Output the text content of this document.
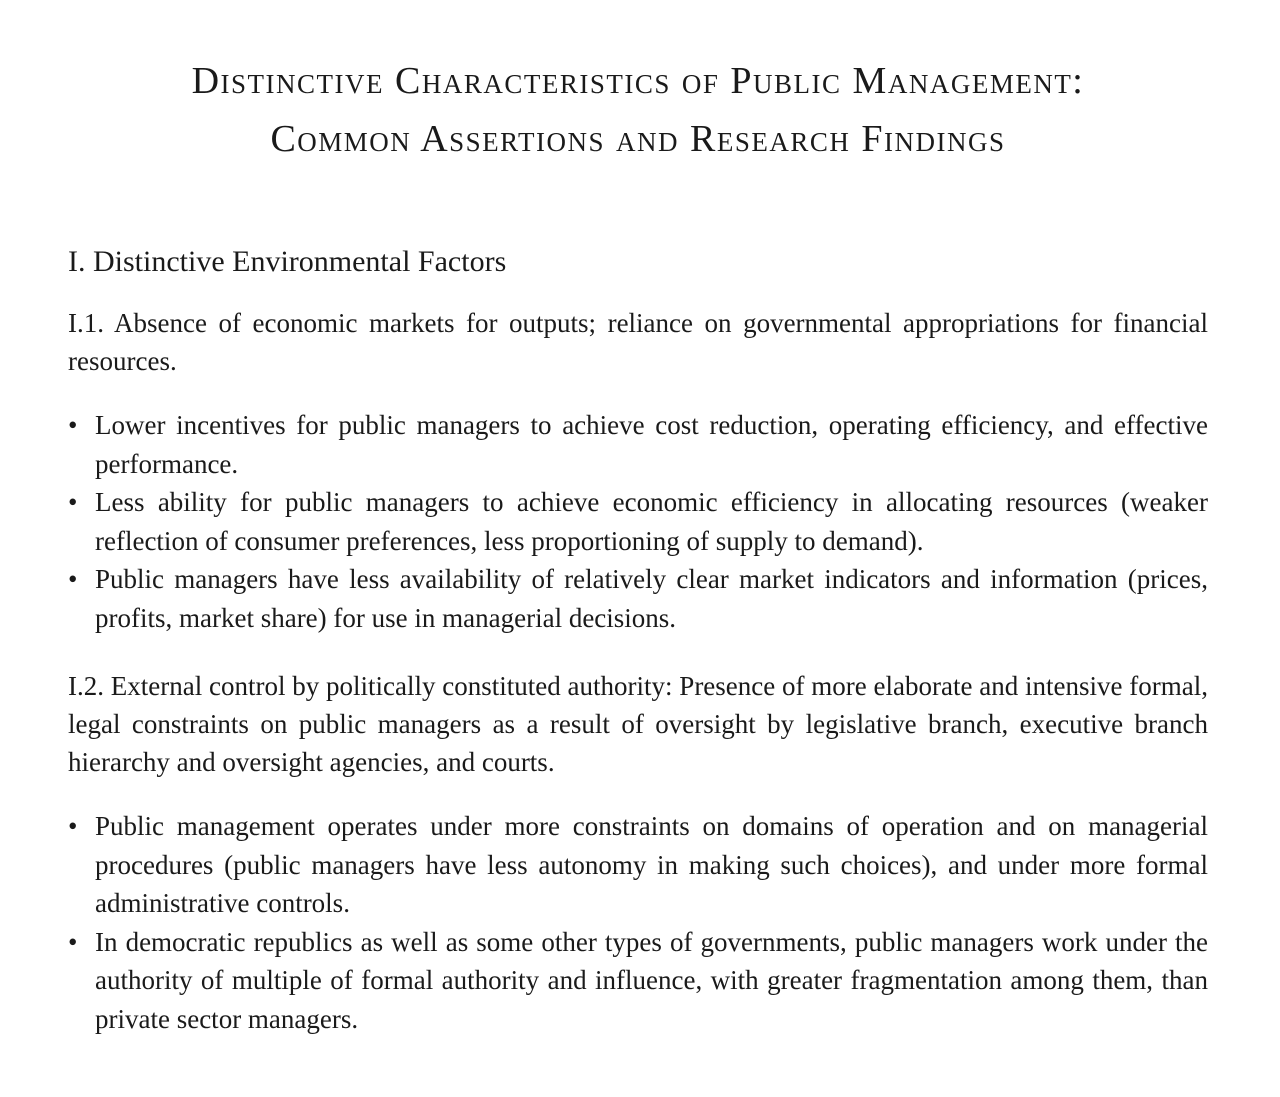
Distinctive Characteristics of Public Management:
Common Assertions and Research Findings
I. Distinctive Environmental Factors

I.1. Absence of economic markets for outputs; reliance on governmental appropriations for financial resources.

• Lower incentives for public managers to achieve cost reduction, operating efficiency, and effective performance.
• Less ability for public managers to achieve economic efficiency in allocating resources (weaker reflection of consumer preferences, less proportioning of supply to demand).
• Public managers have less availability of relatively clear market indicators and information (prices, profits, market share) for use in managerial decisions.

I.2. External control by politically constituted authority: Presence of more elaborate and intensive formal, legal constraints on public managers as a result of oversight by legislative branch, executive branch hierarchy and oversight agencies, and courts.

• Public management operates under more constraints on domains of operation and on managerial procedures (public managers have less autonomy in making such choices), and under more formal administrative controls.
• In democratic republics as well as some other types of governments, public managers work under the authority of multiple of formal authority and influence, with greater fragmentation among them, than private sector managers.
